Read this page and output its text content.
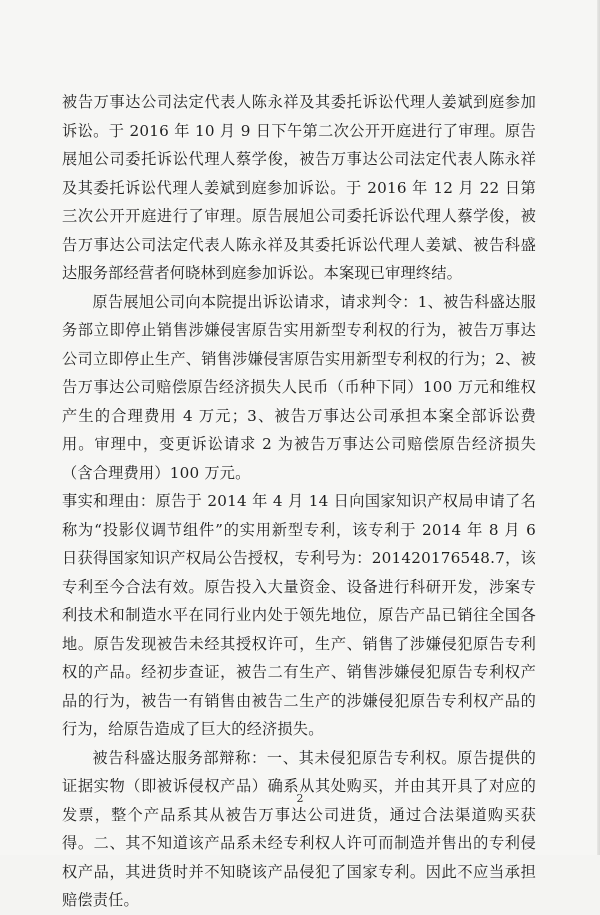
被告万事达公司法定代表人陈永祥及其委托诉讼代理人姜斌到庭参加诉讼。于 2016 年 10 月 9 日下午第二次公开开庭进行了审理。原告展旭公司委托诉讼代理人蔡学俊，被告万事达公司法定代表人陈永祥及其委托诉讼代理人姜斌到庭参加诉讼。于 2016 年 12 月 22 日第三次公开开庭进行了审理。原告展旭公司委托诉讼代理人蔡学俊，被告万事达公司法定代表人陈永祥及其委托诉讼代理人姜斌、被告科盛达服务部经营者何晓林到庭参加诉讼。本案现已审理终结。

原告展旭公司向本院提出诉讼请求，请求判令：1、被告科盛达服务部立即停止销售涉嫌侵害原告实用新型专利权的行为，被告万事达公司立即停止生产、销售涉嫌侵害原告实用新型专利权的行为；2、被告万事达公司赔偿原告经济损失人民币（币种下同）100 万元和维权产生的合理费用 4 万元；3、被告万事达公司承担本案全部诉讼费用。审理中，变更诉讼请求 2 为被告万事达公司赔偿原告经济损失（含合理费用）100 万元。

事实和理由：原告于 2014 年 4 月 14 日向国家知识产权局申请了名称为“投影仪调节组件”的实用新型专利，该专利于 2014 年 8 月 6 日获得国家知识产权局公告授权，专利号为：201420176548.7，该专利至今合法有效。原告投入大量资金、设备进行科研开发，涉案专利技术和制造水平在同行业内处于领先地位，原告产品已销往全国各地。原告发现被告未经其授权许可，生产、销售了涉嫌侵犯原告专利权的产品。经初步查证，被告二有生产、销售涉嫌侵犯原告专利权产品的行为，被告一有销售由被告二生产的涉嫌侵犯原告专利权产品的行为，给原告造成了巨大的经济损失。

被告科盛达服务部辩称：一、其未侵犯原告专利权。原告提供的证据实物（即被诉侵权产品）确系从其处购买，并由其开具了对应的发票，整个产品系其从被告万事达公司进货，通过合法渠道购买获得。二、其不知道该产品系未经专利权人许可而制造并售出的专利侵权产品，其进货时并不知晓该产品侵犯了国家专利。因此不应当承担赔偿责任。

2
